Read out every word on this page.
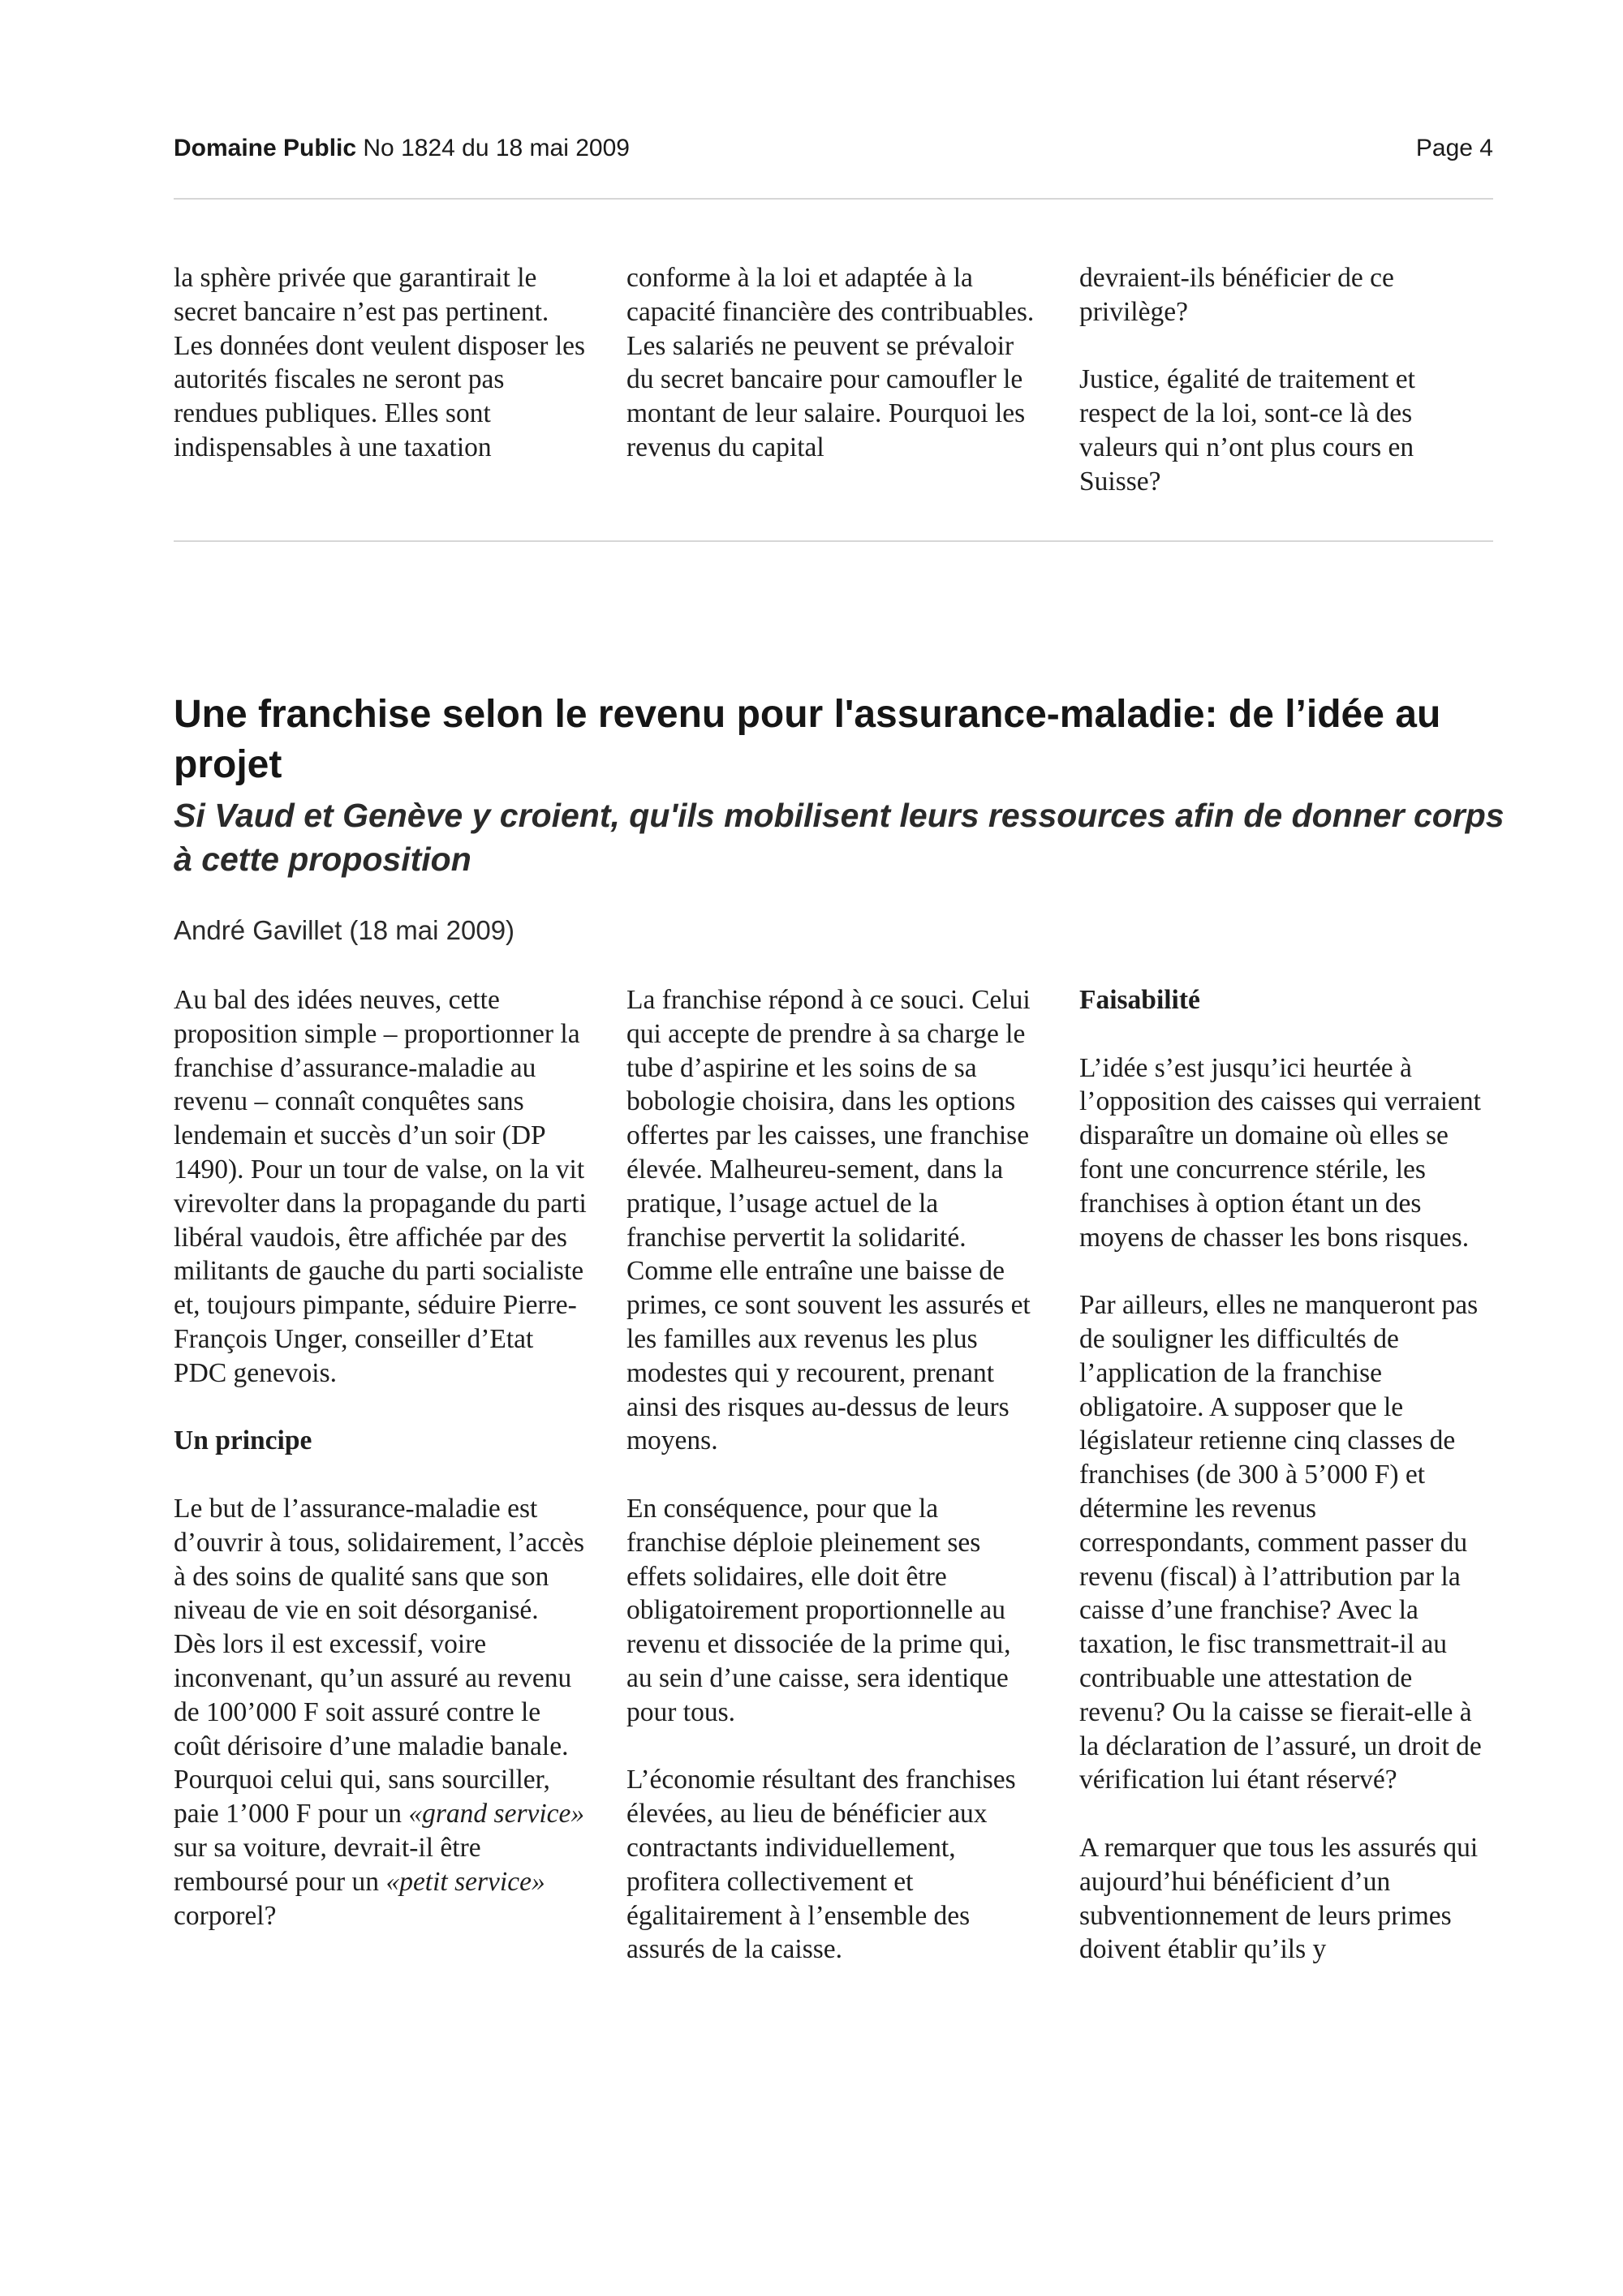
Domaine Public No 1824 du 18 mai 2009	Page 4

la sphère privée que garantirait le secret bancaire n’est pas pertinent. Les données dont veulent disposer les autorités fiscales ne seront pas rendues publiques. Elles sont indispensables à une taxation

conforme à la loi et adaptée à la capacité financière des contribuables. Les salariés ne peuvent se prévaloir du secret bancaire pour camoufler le montant de leur salaire. Pourquoi les revenus du capital

devraient-ils bénéficier de ce privilège?

Justice, égalité de traitement et respect de la loi, sont-ce là des valeurs qui n’ont plus cours en Suisse?

Une franchise selon le revenu pour l'assurance-maladie: de l’idée au projet
Si Vaud et Genève y croient, qu'ils mobilisent leurs ressources afin de donner corps à cette proposition
André Gavillet (18 mai 2009)

Au bal des idées neuves, cette proposition simple – proportionner la franchise d’assurance-maladie au revenu – connaît conquêtes sans lendemain et succès d’un soir (DP 1490). Pour un tour de valse, on la vit virevolter dans la propagande du parti libéral vaudois, être affichée par des militants de gauche du parti socialiste et, toujours pimpante, séduire Pierre-François Unger, conseiller d’Etat PDC genevois.

Un principe

Le but de l’assurance-maladie est d’ouvrir à tous, solidairement, l’accès à des soins de qualité sans que son niveau de vie en soit désorganisé. Dès lors il est excessif, voire inconvenant, qu’un assuré au revenu de 100’000 F soit assuré contre le coût dérisoire d’une maladie banale. Pourquoi celui qui, sans sourciller, paie 1’000 F pour un «grand service» sur sa voiture, devrait-il être remboursé pour un «petit service» corporel?

La franchise répond à ce souci. Celui qui accepte de prendre à sa charge le tube d’aspirine et les soins de sa bobologie choisira, dans les options offertes par les caisses, une franchise élevée. Malheureu-sement, dans la pratique, l’usage actuel de la franchise pervertit la solidarité. Comme elle entraîne une baisse de primes, ce sont souvent les assurés et les familles aux revenus les plus modestes qui y recourent, prenant ainsi des risques au-dessus de leurs moyens.

En conséquence, pour que la franchise déploie pleinement ses effets solidaires, elle doit être obligatoirement proportionnelle au revenu et dissociée de la prime qui, au sein d’une caisse, sera identique pour tous.

L’économie résultant des franchises élevées, au lieu de bénéficier aux contractants individuellement, profitera collectivement et égalitairement à l’ensemble des assurés de la caisse.

Faisabilité

L’idée s’est jusqu’ici heurtée à l’opposition des caisses qui verraient disparaître un domaine où elles se font une concurrence stérile, les franchises à option étant un des moyens de chasser les bons risques.

Par ailleurs, elles ne manqueront pas de souligner les difficultés de l’application de la franchise obligatoire. A supposer que le législateur retienne cinq classes de franchises (de 300 à 5’000 F) et détermine les revenus correspondants, comment passer du revenu (fiscal) à l’attribution par la caisse d’une franchise? Avec la taxation, le fisc transmettrait-il au contribuable une attestation de revenu? Ou la caisse se fierait-elle à la déclaration de l’assuré, un droit de vérification lui étant réservé?

A remarquer que tous les assurés qui aujourd’hui bénéficient d’un subventionnement de leurs primes doivent établir qu’ils y
